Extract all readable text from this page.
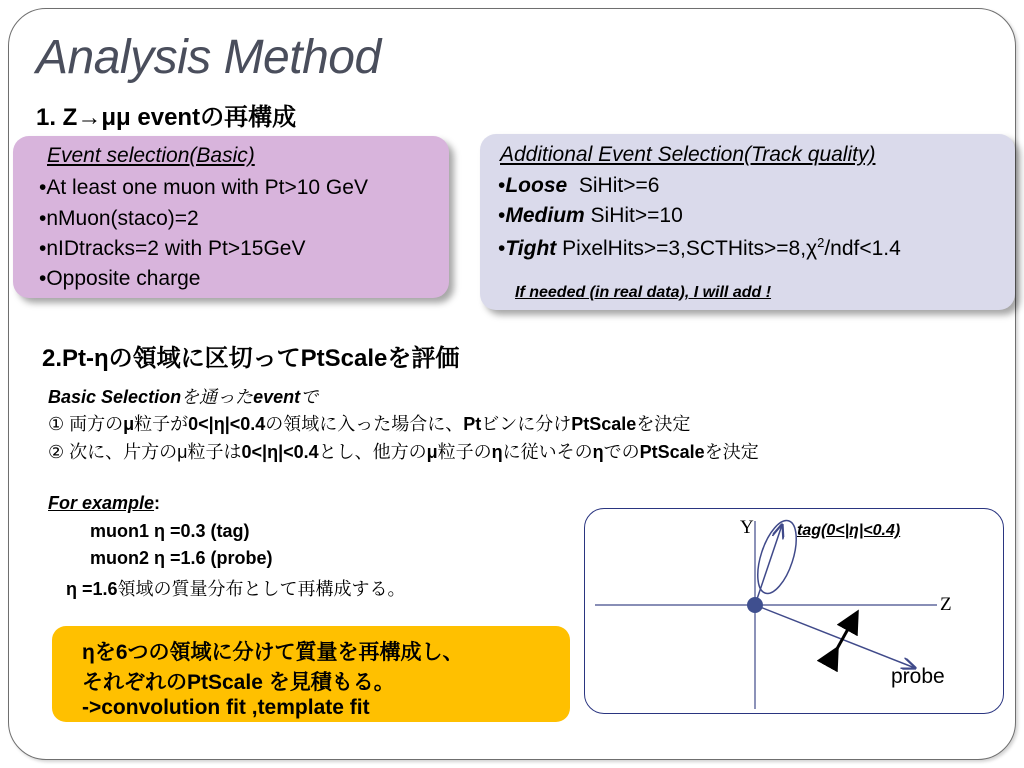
Analysis Method
1. Z→μμ eventの再構成
Event selection(Basic)
•At least one muon with Pt>10 GeV
•nMuon(staco)=2
•nIDtracks=2 with Pt>15GeV
•Opposite charge
Additional Event Selection(Track quality)
•Loose SiHit>=6
•Medium SiHit>=10
•Tight $PixelHits>=3,SCTHits>=8,\chi^2/ndf<1.4$
If needed (in real data), I will add !
2.Pt-ηの領域に区切ってPtScaleを評価
Basic Selectionを通ったeventで
① 両方のμ粒子が0<|η|<0.4の領域に入った場合に、Ptビンに分けPtScaleを決定
② 次に、片方のμ粒子は0<|η|<0.4とし、他方のμ粒子のηに従いそのηでのPtScaleを決定
For example:
muon1 η =0.3 (tag)
muon2 η =1.6 (probe)
η =1.6領域の質量分布として再構成する。
Y
Z
tag(0<|η|<0.4)
probe
ηを6つの領域に分けて質量を再構成し、
それぞれのPtScale を見積もる。
->convolution fit ,template fit
